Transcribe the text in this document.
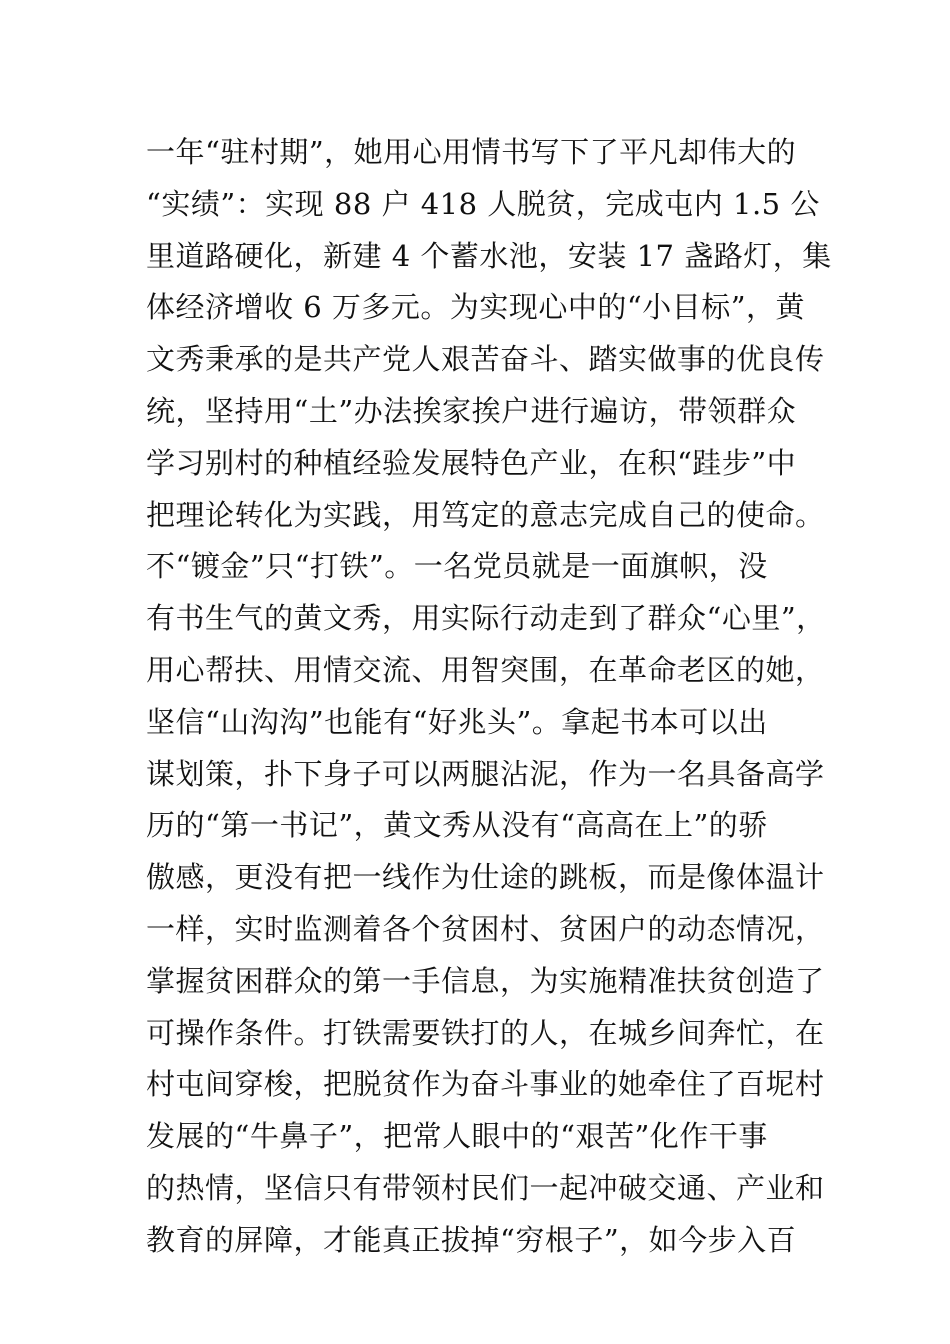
一年“驻村期”，她用心用情书写下了平凡却伟大的
“实绩”：实现 88 户 418 人脱贫，完成屯内 1.5 公
里道路硬化，新建 4 个蓄水池，安装 17 盏路灯，集
体经济增收 6 万多元。为实现心中的“小目标”，黄
文秀秉承的是共产党人艰苦奋斗、踏实做事的优良传
统，坚持用“土”办法挨家挨户进行遍访，带领群众
学习别村的种植经验发展特色产业，在积“跬步”中
把理论转化为实践，用笃定的意志完成自己的使命。
不“镀金”只“打铁”。一名党员就是一面旗帜，没
有书生气的黄文秀，用实际行动走到了群众“心里”，
用心帮扶、用情交流、用智突围，在革命老区的她，
坚信“山沟沟”也能有“好兆头”。拿起书本可以出
谋划策，扑下身子可以两腿沾泥，作为一名具备高学
历的“第一书记”，黄文秀从没有“高高在上”的骄
傲感，更没有把一线作为仕途的跳板，而是像体温计
一样，实时监测着各个贫困村、贫困户的动态情况，
掌握贫困群众的第一手信息，为实施精准扶贫创造了
可操作条件。打铁需要铁打的人，在城乡间奔忙，在
村屯间穿梭，把脱贫作为奋斗事业的她牵住了百坭村
发展的“牛鼻子”，把常人眼中的“艰苦”化作干事
的热情，坚信只有带领村民们一起冲破交通、产业和
教育的屏障，才能真正拔掉“穷根子”，如今步入百
